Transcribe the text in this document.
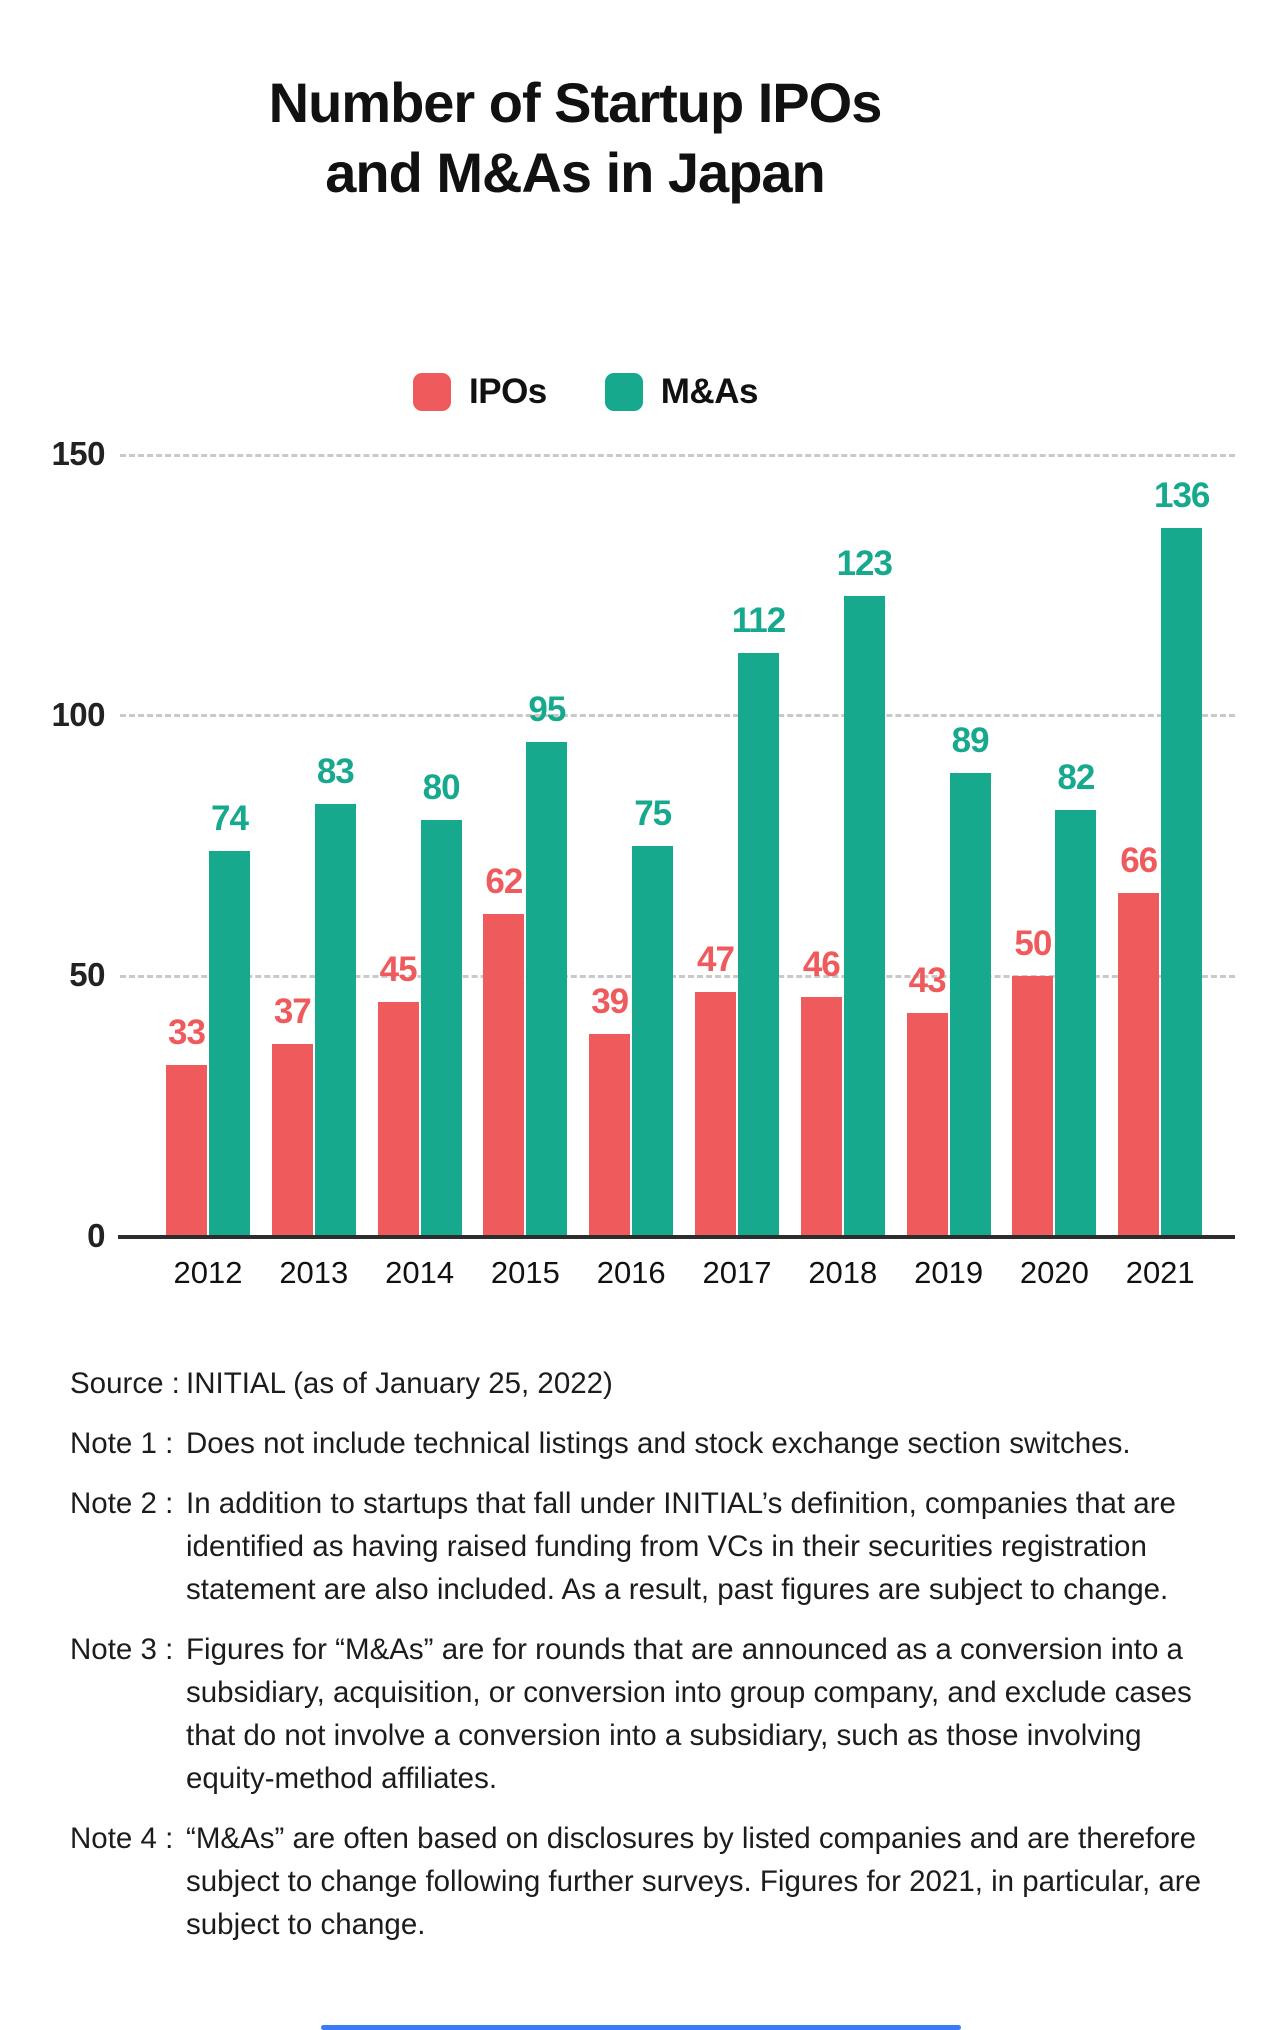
Number of Startup IPOs
and M&As in Japan
IPOs	M&As
0
50
100
150
33
74
2012
37
83
2013
45
80
2014
62
95
2015
39
75
2016
47
112
2017
46
123
2018
43
89
2019
50
82
2020
66
136
2021
Source : INITIAL (as of January 25, 2022)
Note 1 : Does not include technical listings and stock exchange section switches.
Note 2 : In addition to startups that fall under INITIAL’s definition, companies that are identified as having raised funding from VCs in their securities registration statement are also included. As a result, past figures are subject to change.
Note 3 : Figures for “M&As” are for rounds that are announced as a conversion into a subsidiary, acquisition, or conversion into group company, and exclude cases that do not involve a conversion into a subsidiary, such as those involving equity-method affiliates.
Note 4 : “M&As” are often based on disclosures by listed companies and are therefore subject to change following further surveys. Figures for 2021, in particular, are subject to change.
